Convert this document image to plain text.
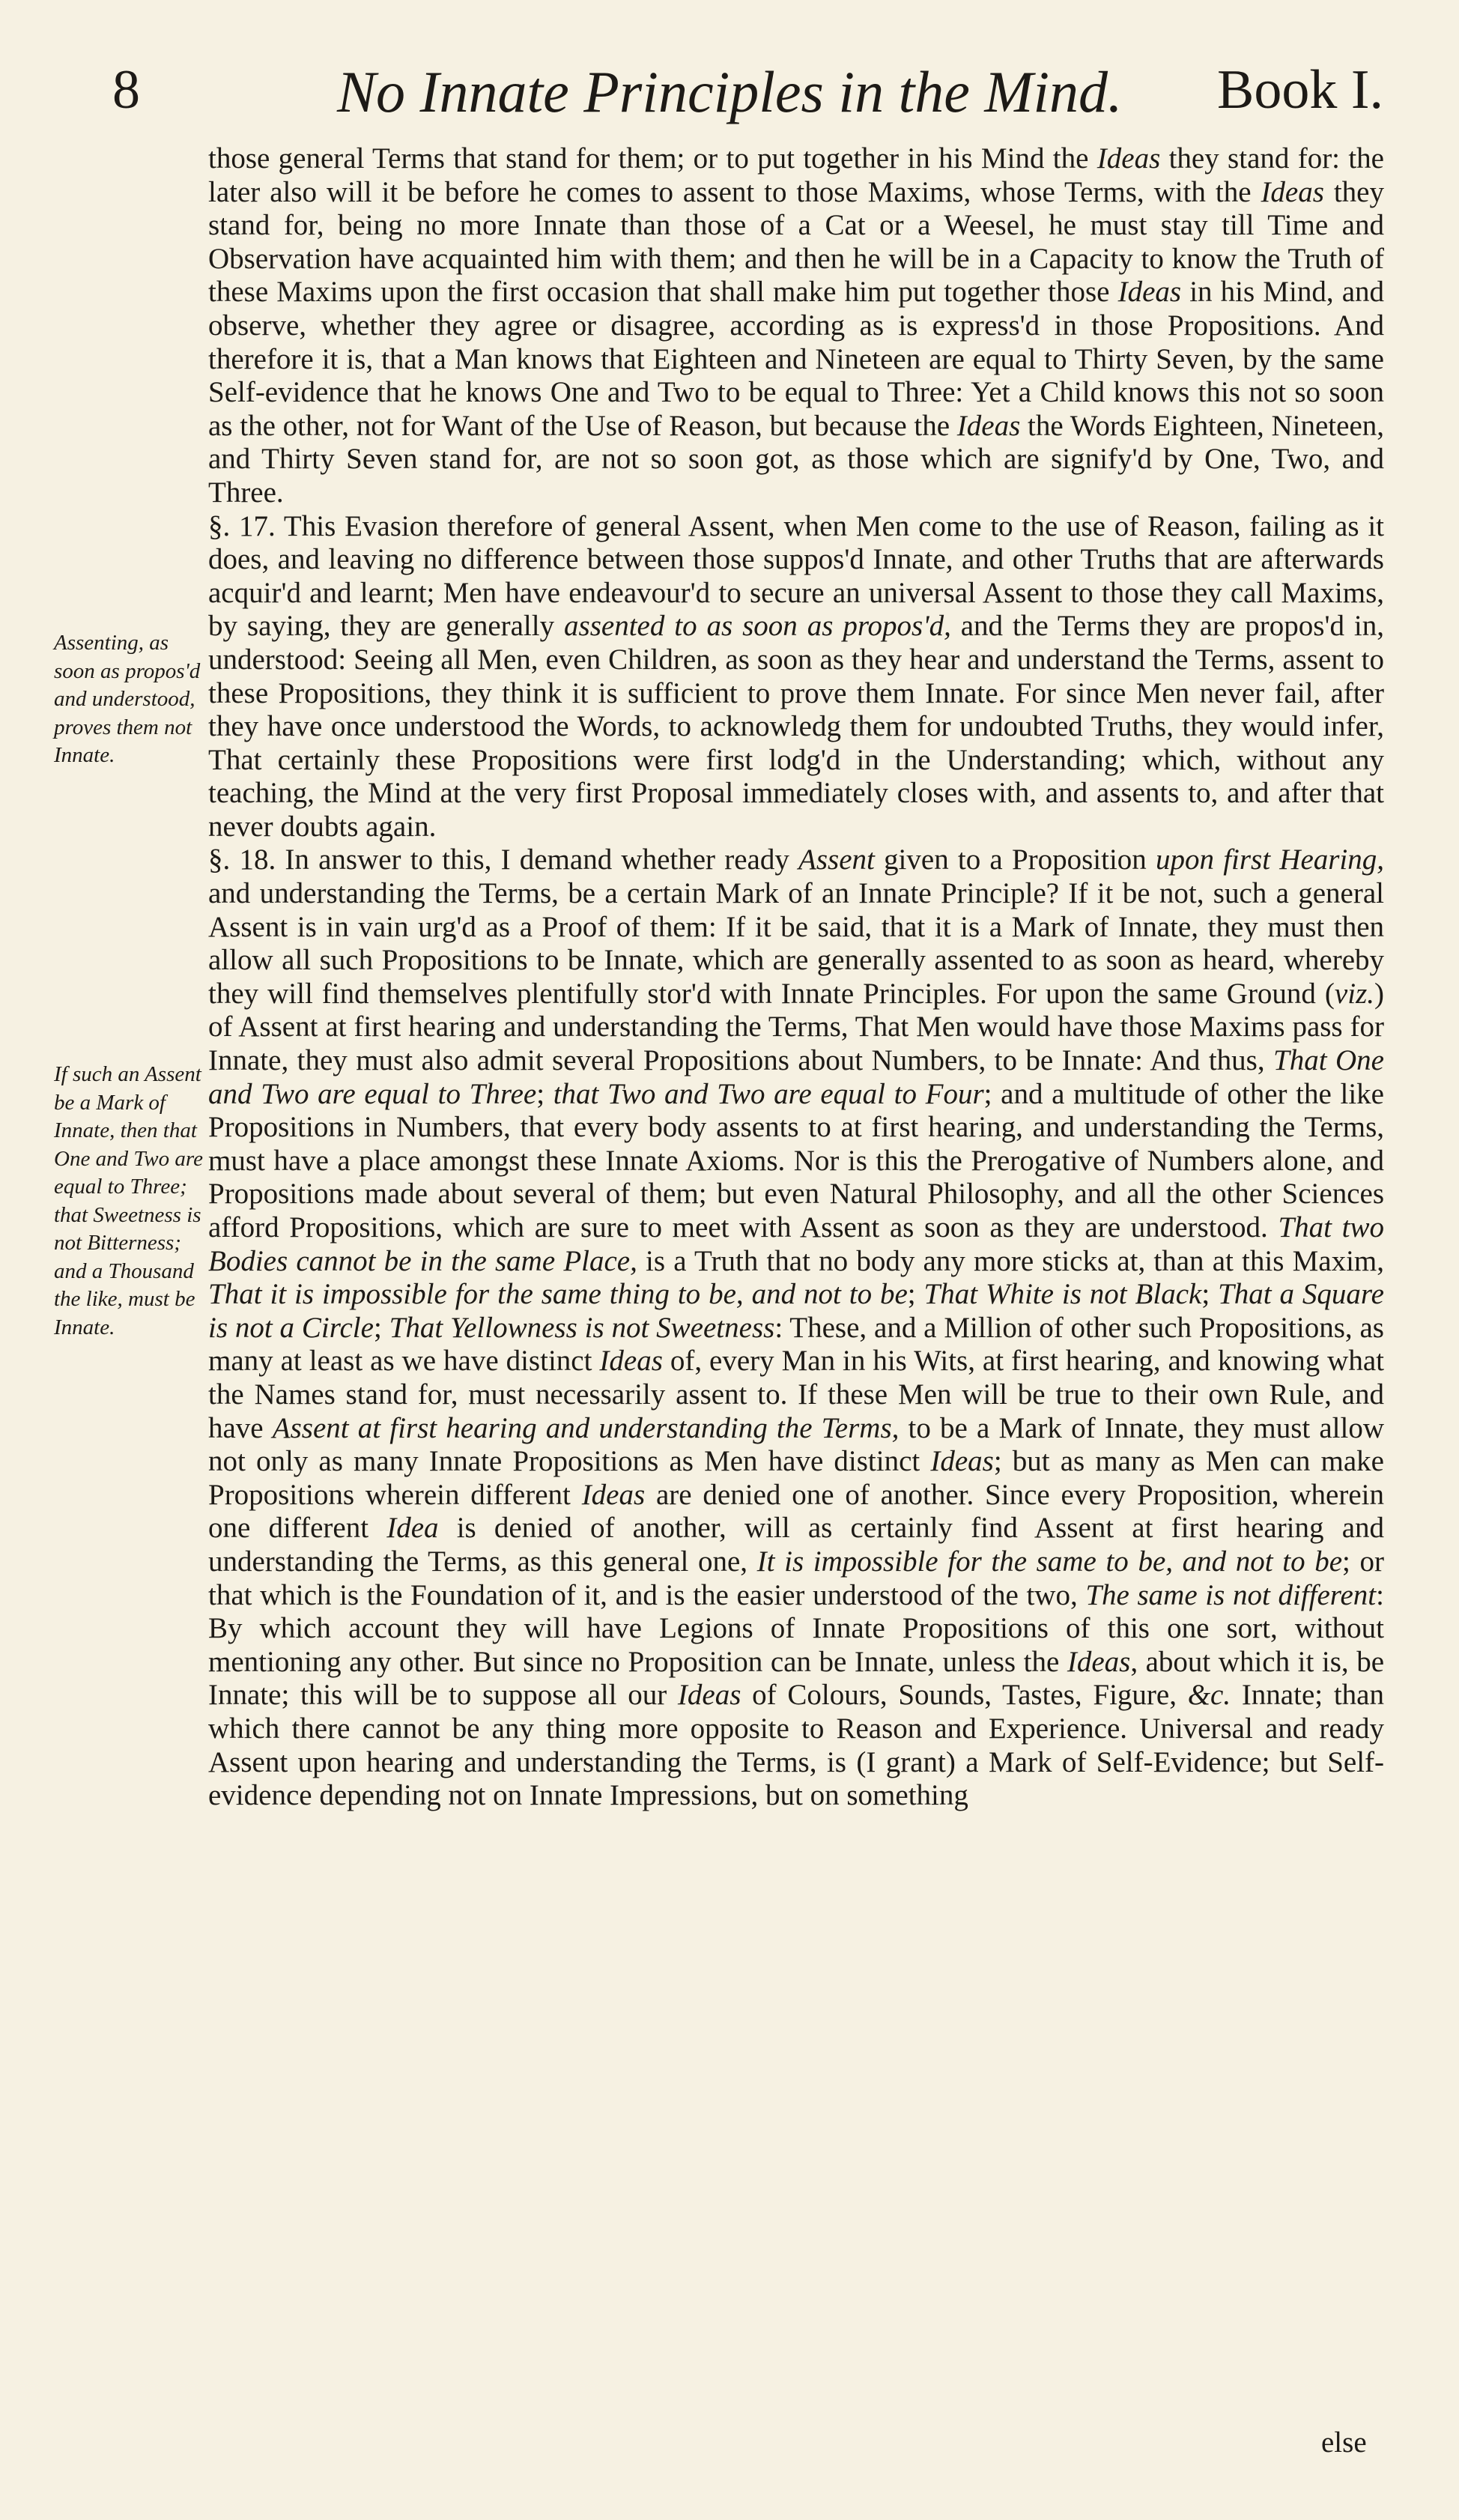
8	No Innate Principles in the Mind. Book I.
Assenting, as soon as propos'd and understood, proves them not Innate.
If such an Assent be a Mark of Innate, then that One and Two are equal to Three; that Sweetness is not Bitterness; and a Thousand the like, must be Innate.

those general Terms that stand for them; or to put together in his Mind the Ideas they stand for: the later also will it be before he comes to assent to those Maxims, whose Terms, with the Ideas they stand for, being no more Innate than those of a Cat or a Weesel, he must stay till Time and Observation have acquainted him with them; and then he will be in a Capacity to know the Truth of these Maxims upon the first occasion that shall make him put together those Ideas in his Mind, and observe, whether they agree or disagree, according as is express'd in those Propositions. And therefore it is, that a Man knows that Eighteen and Nineteen are equal to Thirty Seven, by the same Self-evidence that he knows One and Two to be equal to Three: Yet a Child knows this not so soon as the other, not for Want of the Use of Reason, but because the Ideas the Words Eighteen, Nineteen, and Thirty Seven stand for, are not so soon got, as those which are signify'd by One, Two, and Three.

§. 17. This Evasion therefore of general Assent, when Men come to the use of Reason, failing as it does, and leaving no difference between those suppos'd Innate, and other Truths that are afterwards acquir'd and learnt; Men have endeavour'd to secure an universal Assent to those they call Maxims, by saying, they are generally assented to as soon as propos'd, and the Terms they are propos'd in, understood: Seeing all Men, even Children, as soon as they hear and understand the Terms, assent to these Propositions, they think it is sufficient to prove them Innate. For since Men never fail, after they have once understood the Words, to acknowledg them for undoubted Truths, they would infer, That certainly these Propositions were first lodg'd in the Understanding; which, without any teaching, the Mind at the very first Proposal immediately closes with, and assents to, and after that never doubts again.

§. 18. In answer to this, I demand whether ready Assent given to a Proposition upon first Hearing, and understanding the Terms, be a certain Mark of an Innate Principle? If it be not, such a general Assent is in vain urg'd as a Proof of them: If it be said, that it is a Mark of Innate, they must then allow all such Propositions to be Innate, which are generally assented to as soon as heard, whereby they will find themselves plentifully stor'd with Innate Principles. For upon the same Ground (viz.) of Assent at first hearing and understanding the Terms, That Men would have those Maxims pass for Innate, they must also admit several Propositions about Numbers, to be Innate: And thus, That One and Two are equal to Three; that Two and Two are equal to Four; and a multitude of other the like Propositions in Numbers, that every body assents to at first hearing, and understanding the Terms, must have a place amongst these Innate Axioms. Nor is this the Prerogative of Numbers alone, and Propositions made about several of them; but even Natural Philosophy, and all the other Sciences afford Propositions, which are sure to meet with Assent as soon as they are understood. That two Bodies cannot be in the same Place, is a Truth that no body any more sticks at, than at this Maxim, That it is impossible for the same thing to be, and not to be; That White is not Black; That a Square is not a Circle; That Yellowness is not Sweetness: These, and a Million of other such Propositions, as many at least as we have distinct Ideas of, every Man in his Wits, at first hearing, and knowing what the Names stand for, must necessarily assent to. If these Men will be true to their own Rule, and have Assent at first hearing and understanding the Terms, to be a Mark of Innate, they must allow not only as many Innate Propositions as Men have distinct Ideas; but as many as Men can make Propositions wherein different Ideas are denied one of another. Since every Proposition, wherein one different Idea is denied of another, will as certainly find Assent at first hearing and understanding the Terms, as this general one, It is impossible for the same to be, and not to be; or that which is the Foundation of it, and is the easier understood of the two, The same is not different: By which account they will have Legions of Innate Propositions of this one sort, without mentioning any other. But since no Proposition can be Innate, unless the Ideas, about which it is, be Innate; this will be to suppose all our Ideas of Colours, Sounds, Tastes, Figure, &c. Innate; than which there cannot be any thing more opposite to Reason and Experience. Universal and ready Assent upon hearing and understanding the Terms, is (I grant) a Mark of Self-Evidence; but Self-evidence depending not on Innate Impressions, but on something

else
